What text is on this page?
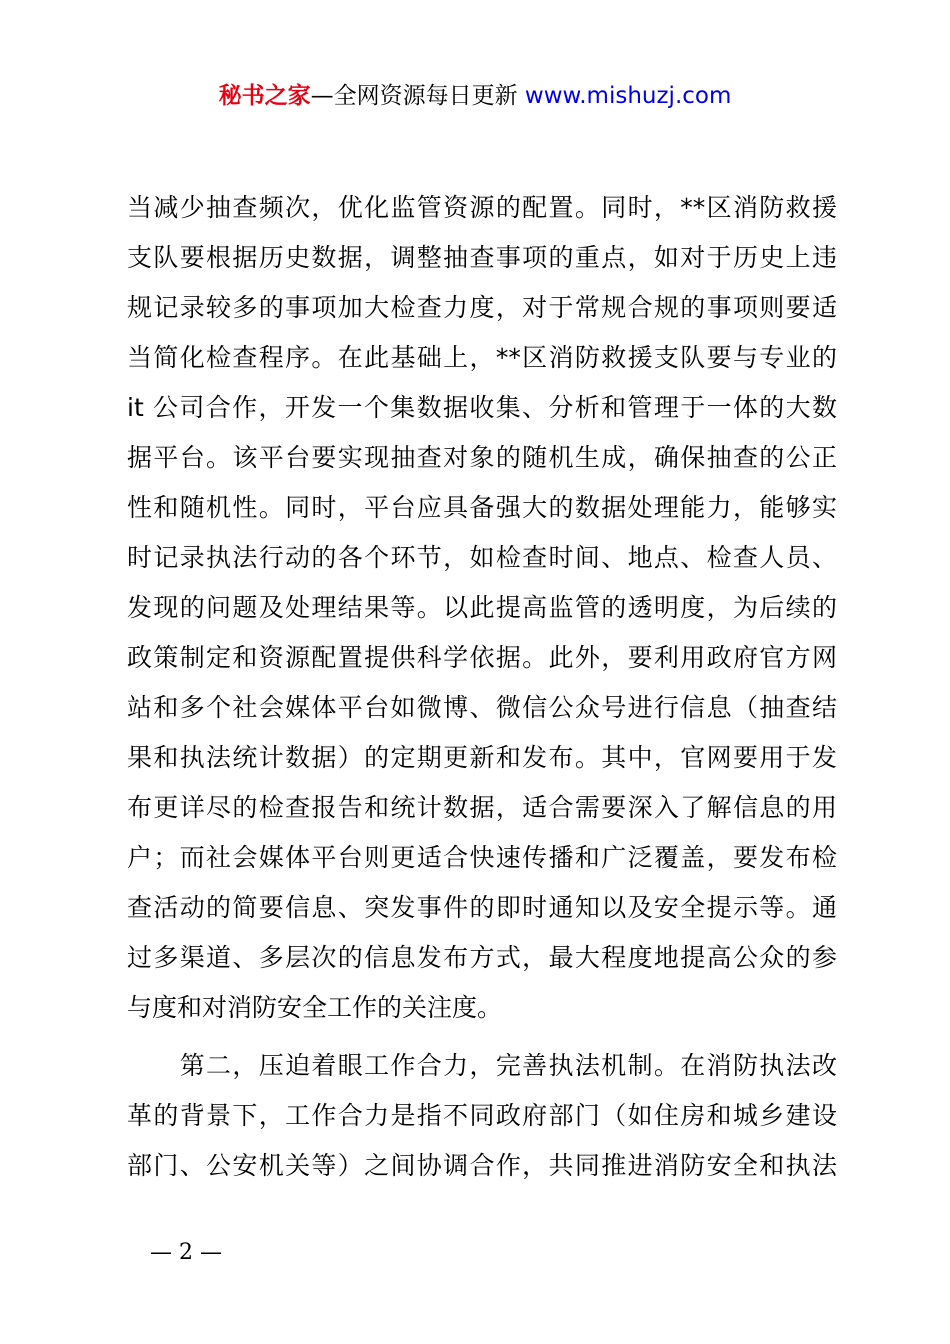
秘书之家—全网资源每日更新 www.mishuzj.com
当减少抽查频次，优化监管资源的配置。同时，**区消防救援
支队要根据历史数据，调整抽查事项的重点，如对于历史上违
规记录较多的事项加大检查力度，对于常规合规的事项则要适
当简化检查程序。在此基础上，**区消防救援支队要与专业的
it 公司合作，开发一个集数据收集、分析和管理于一体的大数
据平台。该平台要实现抽查对象的随机生成，确保抽查的公正
性和随机性。同时，平台应具备强大的数据处理能力，能够实
时记录执法行动的各个环节，如检查时间、地点、检查人员、
发现的问题及处理结果等。以此提高监管的透明度，为后续的
政策制定和资源配置提供科学依据。此外，要利用政府官方网
站和多个社会媒体平台如微博、微信公众号进行信息（抽查结
果和执法统计数据）的定期更新和发布。其中，官网要用于发
布更详尽的检查报告和统计数据，适合需要深入了解信息的用
户；而社会媒体平台则更适合快速传播和广泛覆盖，要发布检
查活动的简要信息、突发事件的即时通知以及安全提示等。通
过多渠道、多层次的信息发布方式，最大程度地提高公众的参
与度和对消防安全工作的关注度。
　　第二，压迫着眼工作合力，完善执法机制。在消防执法改
革的背景下，工作合力是指不同政府部门（如住房和城乡建设
部门、公安机关等）之间协调合作，共同推进消防安全和执法
— 2 —
